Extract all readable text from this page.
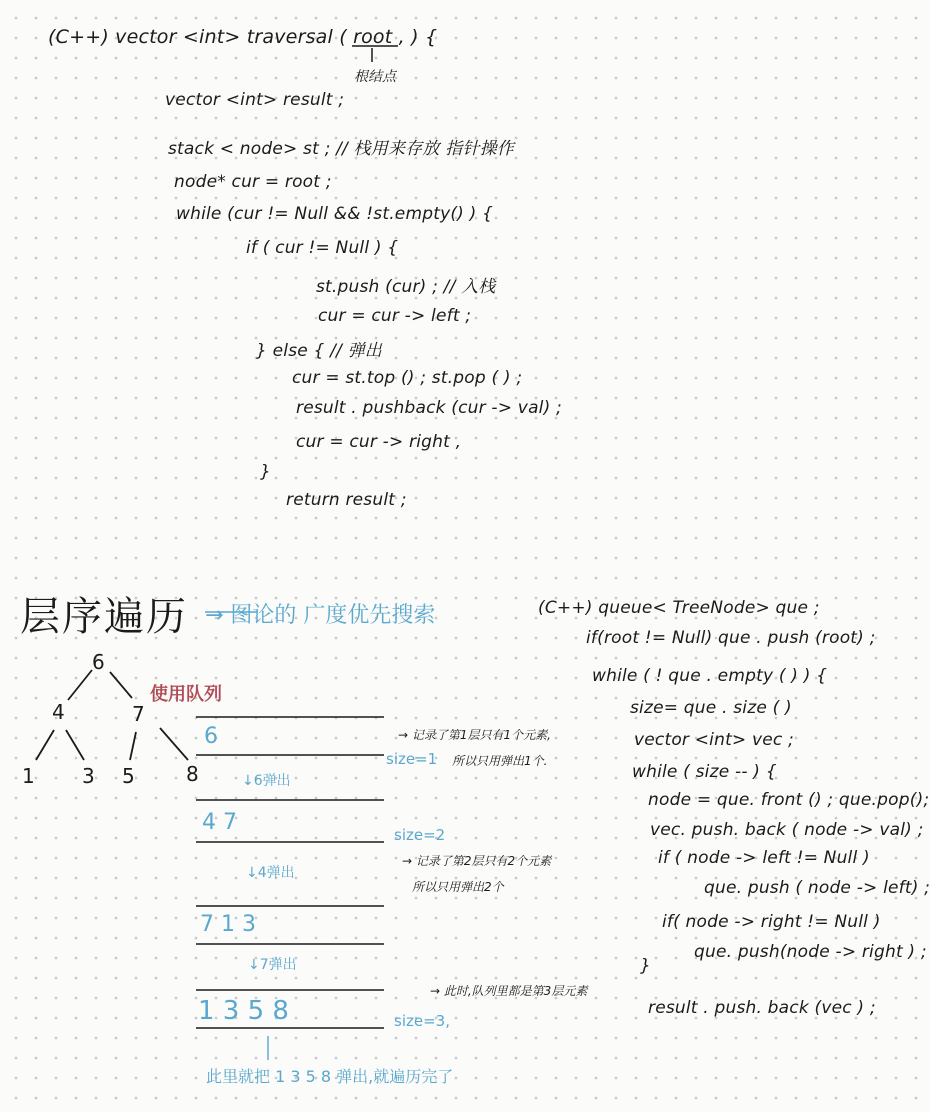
(C++) vector <int> traversal ( root , ) {
根结点
vector <int> result ;
stack < node> st ; // 栈用来存放 指针操作
node* cur = root ;
while (cur != Null && !st.empty() ) {
if ( cur != Null ) {
st.push (cur) ; // 入栈
cur = cur -> left ;
} else { // 弹出
cur = st.top () ; st.pop ( ) ;
result . pushback (cur -> val) ;
cur = cur -> right ,
}
return result ;
层序遍历 → 图论的 广度优先搜索
使用队列
6
4	7
1 3 5	8
6
↓6弹出
4 7
↓4弹出
7 1 3
↓7弹出
1 3 5 8
size=1
size=2
size=3,
→ 记录了第1层只有1个元素,
所以只用弹出1个.
→ 记录了第2层只有2个元素
所以只用弹出2个
→ 此时,队列里都是第3层元素
此里就把 1 3 5 8 弹出,就遍历完了
(C++) queue< TreeNode> que ;
if(root != Null) que . push (root) ;
while ( ! que . empty ( ) ) {
size= que . size ( )
vector <int> vec ;
while ( size -- ) {
node = que. front () ; que.pop();
vec. push. back ( node -> val) ;
if ( node -> left != Null )
que. push ( node -> left) ;
if( node -> right != Null )
que. push(node -> right ) ;
}
result . push. back (vec ) ;
